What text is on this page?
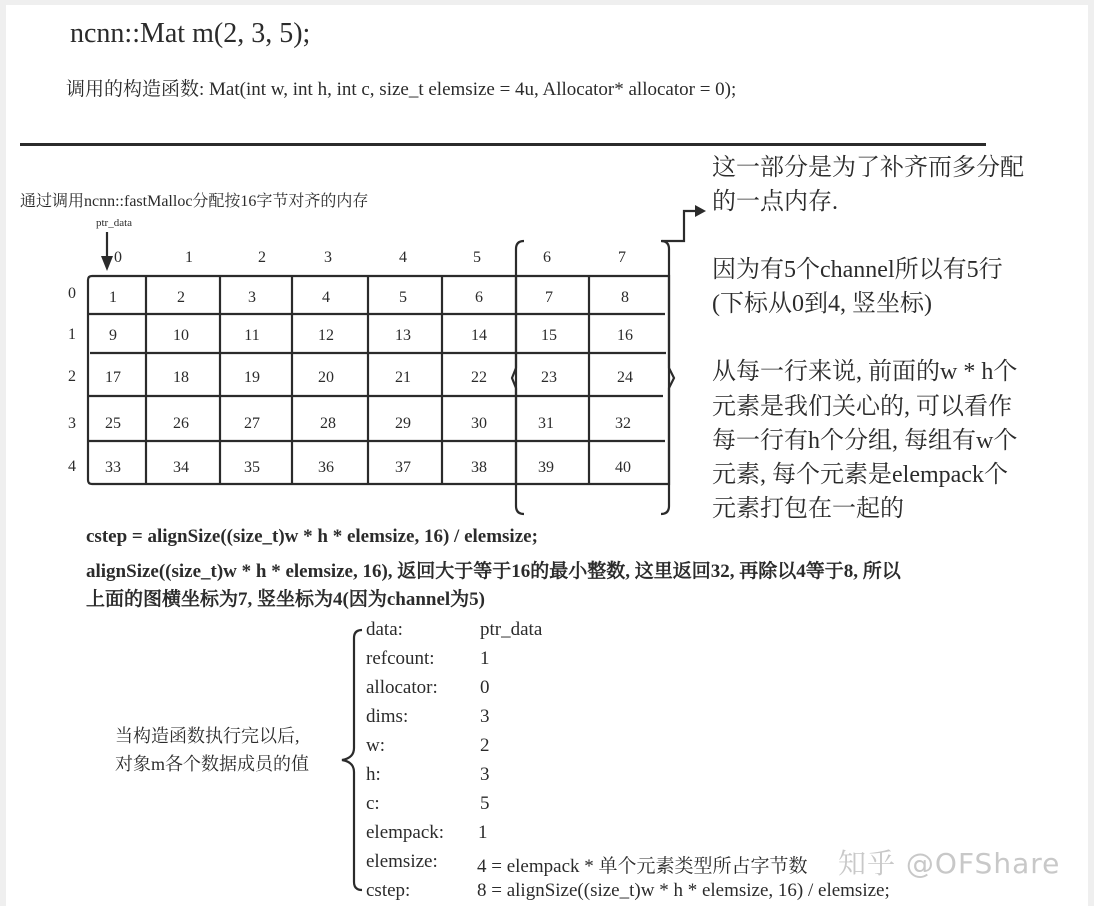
ncnn::Mat m(2, 3, 5);
调用的构造函数: Mat(int w, int h, int c, size_t elemsize = 4u, Allocator* allocator = 0);
通过调用ncnn::fastMalloc分配按16字节对齐的内存
ptr_data
0	1	2	3	4	5	6	7
0
1
2
3
4
1	2	3	4	5	6	7	8
9	10	11	12	13	14	15	16
17	18	19	20	21	22	23	24
25	26	27	28	29	30	31	32
33	34	35	36	37	38	39	40
这一部分是为了补齐而多分配
的一点内存.
因为有5个channel所以有5行
(下标从0到4, 竖坐标)
从每一行来说, 前面的w * h个
元素是我们关心的, 可以看作
每一行有h个分组, 每组有w个
元素, 每个元素是elempack个
元素打包在一起的
cstep = alignSize((size_t)w * h * elemsize, 16) / elemsize;
alignSize((size_t)w * h * elemsize, 16), 返回大于等于16的最小整数, 这里返回32, 再除以4等于8, 所以
上面的图横坐标为7, 竖坐标为4(因为channel为5)
当构造函数执行完以后,
对象m各个数据成员的值
data:	ptr_data
refcount: 1
allocator: 0
dims:	3
w:	2
h:	3
c:	5
elempack: 1
elemsize: 4 = elempack * 单个元素类型所占字节数
cstep:	8 = alignSize((size_t)w * h * elemsize, 16) / elemsize;
知乎 @OFShare
